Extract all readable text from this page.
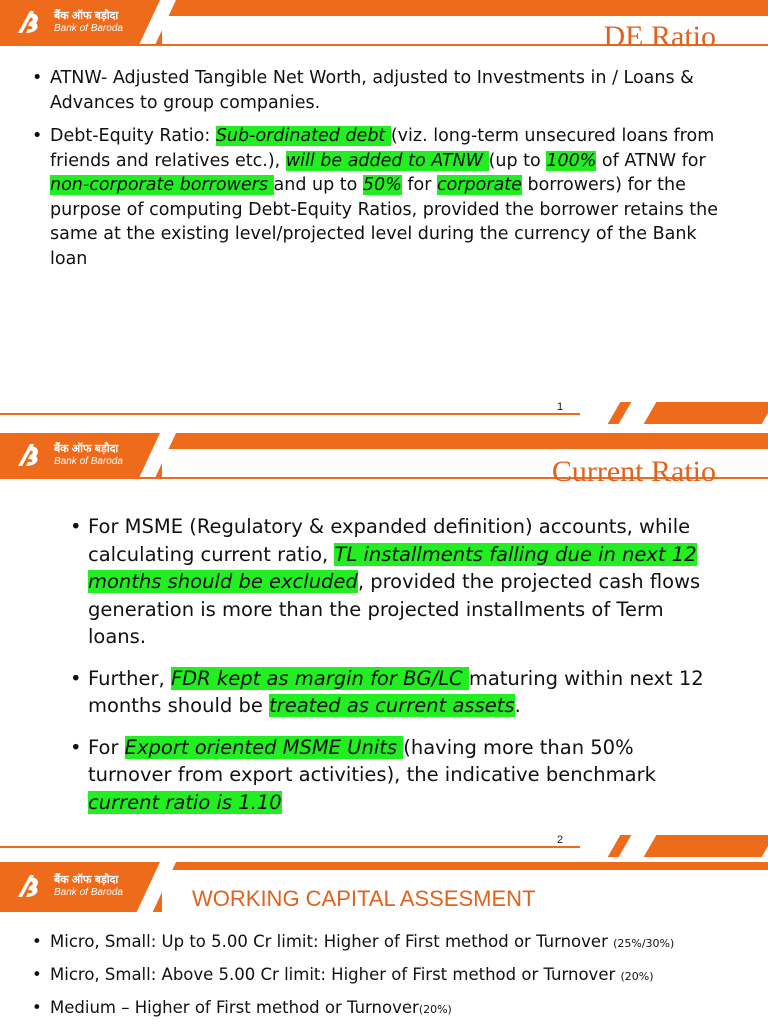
बैंक ऑफ बड़ौदा
Bank of Baroda	DE Ratio
• ATNW- Adjusted Tangible Net Worth, adjusted to Investments in / Loans & Advances to group companies.
• Debt-Equity Ratio: Sub-ordinated debt (viz. long-term unsecured loans from friends and relatives etc.), will be added to ATNW (up to 100% of ATNW for non-corporate borrowers and up to 50% for corporate borrowers) for the purpose of computing Debt-Equity Ratios, provided the borrower retains the same at the existing level/projected level during the currency of the Bank loan
1
बैंक ऑफ बड़ौदा
Bank of Baroda	Current Ratio
• For MSME (Regulatory & expanded definition) accounts, while calculating current ratio, TL installments falling due in next 12 months should be excluded, provided the projected cash flows generation is more than the projected installments of Term loans.
• Further, FDR kept as margin for BG/LC maturing within next 12 months should be treated as current assets.
• For Export oriented MSME Units (having more than 50% turnover from export activities), the indicative benchmark current ratio is 1.10
2
बैंक ऑफ बड़ौदा
Bank of Baroda	WORKING CAPITAL ASSESMENT
• Micro, Small: Up to 5.00 Cr limit: Higher of First method or Turnover (25%/30%)
• Micro, Small: Above 5.00 Cr limit: Higher of First method or Turnover (20%)
• Medium – Higher of First method or Turnover(20%)
